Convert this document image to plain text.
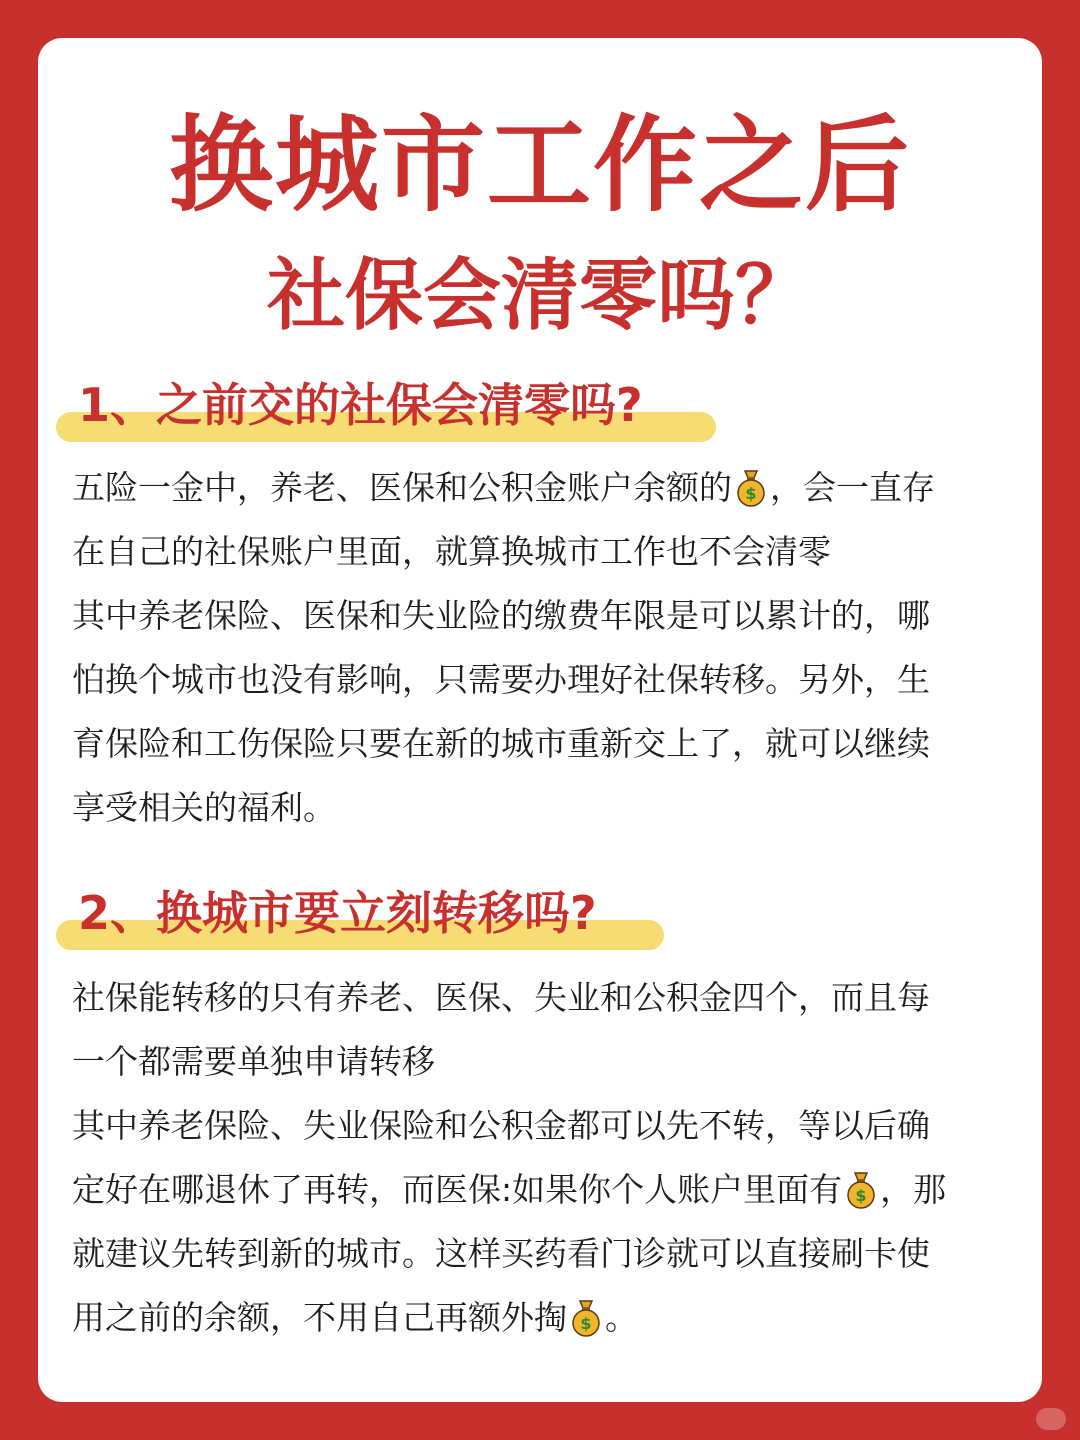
换城市工作之后
社保会清零吗？
1、之前交的社保会清零吗?
五险一金中，养老、医保和公积金账户余额的 $ ，会一直存
在自己的社保账户里面，就算换城市工作也不会清零
其中养老保险、医保和失业险的缴费年限是可以累计的，哪
怕换个城市也没有影响，只需要办理好社保转移。另外，生
育保险和工伤保险只要在新的城市重新交上了，就可以继续
享受相关的福利。
2、换城市要立刻转移吗?
社保能转移的只有养老、医保、失业和公积金四个，而且每
一个都需要单独申请转移
其中养老保险、失业保险和公积金都可以先不转，等以后确
定好在哪退休了再转，而医保:如果你个人账户里面有 $ ，那
就建议先转到新的城市。这样买药看门诊就可以直接刷卡使
用之前的余额，不用自己再额外掏 $ 。
